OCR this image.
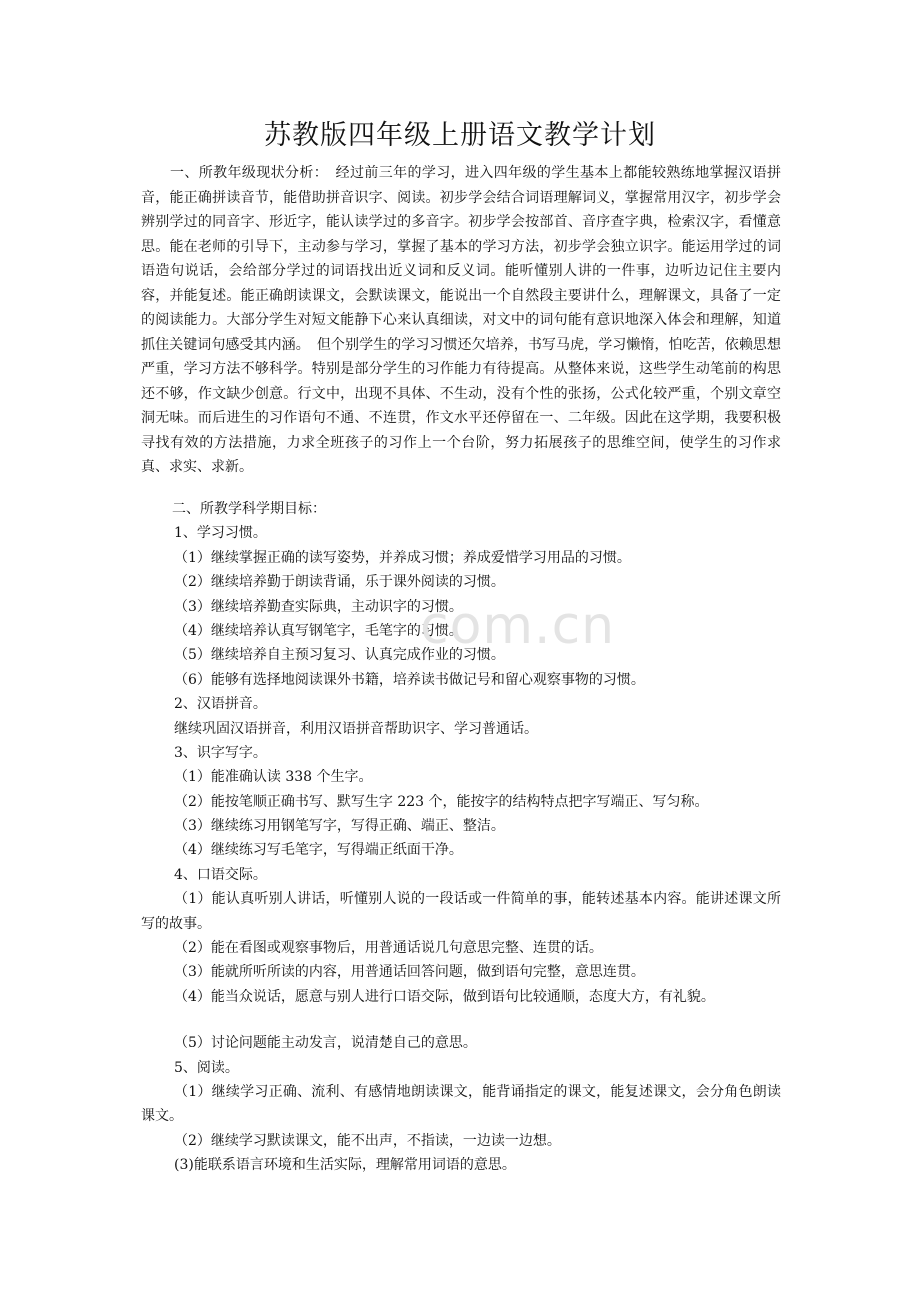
苏教版四年级上册语文教学计划

一、所教年级现状分析：　经过前三年的学习，进入四年级的学生基本上都能较熟练地掌握汉语拼音，能正确拼读音节，能借助拼音识字、阅读。初步学会结合词语理解词义，掌握常用汉字，初步学会辨别学过的同音字、形近字，能认读学过的多音字。初步学会按部首、音序查字典，检索汉字，看懂意思。能在老师的引导下，主动参与学习，掌握了基本的学习方法，初步学会独立识字。能运用学过的词语造句说话，会给部分学过的词语找出近义词和反义词。能听懂别人讲的一件事，边听边记住主要内容，并能复述。能正确朗读课文，会默读课文，能说出一个自然段主要讲什么，理解课文，具备了一定的阅读能力。大部分学生对短文能静下心来认真细读，对文中的词句能有意识地深入体会和理解，知道抓住关键词句感受其内涵。　但个别学生的学习习惯还欠培养，书写马虎，学习懒惰，怕吃苦，依赖思想严重，学习方法不够科学。特别是部分学生的习作能力有待提高。从整体来说，这些学生动笔前的构思还不够，作文缺少创意。行文中，出现不具体、不生动，没有个性的张扬，公式化较严重，个别文章空洞无味。而后进生的习作语句不通、不连贯，作文水平还停留在一、二年级。因此在这学期，我要积极寻找有效的方法措施，力求全班孩子的习作上一个台阶，努力拓展孩子的思维空间，使学生的习作求真、求实、求新。

二、所教学科学期目标：
1、学习习惯。
（1）继续掌握正确的读写姿势，并养成习惯；养成爱惜学习用品的习惯。
（2）继续培养勤于朗读背诵，乐于课外阅读的习惯。
（3）继续培养勤查实际典，主动识字的习惯。
（4）继续培养认真写钢笔字，毛笔字的习惯。
（5）继续培养自主预习复习、认真完成作业的习惯。
（6）能够有选择地阅读课外书籍，培养读书做记号和留心观察事物的习惯。
2、汉语拼音。
继续巩固汉语拼音，利用汉语拼音帮助识字、学习普通话。
3、识字写字。
（1）能准确认读 338 个生字。
（2）能按笔顺正确书写、默写生字 223 个，能按字的结构特点把字写端正、写匀称。
（3）继续练习用钢笔写字，写得正确、端正、整洁。
（4）继续练习写毛笔字，写得端正纸面干净。
4、口语交际。
（1）能认真听别人讲话，听懂别人说的一段话或一件简单的事，能转述基本内容。能讲述课文所写的故事。
（2）能在看图或观察事物后，用普通话说几句意思完整、连贯的话。
（3）能就所听所读的内容，用普通话回答问题，做到语句完整，意思连贯。
（4）能当众说话，愿意与别人进行口语交际，做到语句比较通顺，态度大方，有礼貌。
（5）讨论问题能主动发言，说清楚自己的意思。
5、阅读。
（1）继续学习正确、流利、有感情地朗读课文，能背诵指定的课文，能复述课文，会分角色朗读课文。
（2）继续学习默读课文，能不出声，不指读，一边读一边想。
(3)能联系语言环境和生活实际，理解常用词语的意思。
com.cn
